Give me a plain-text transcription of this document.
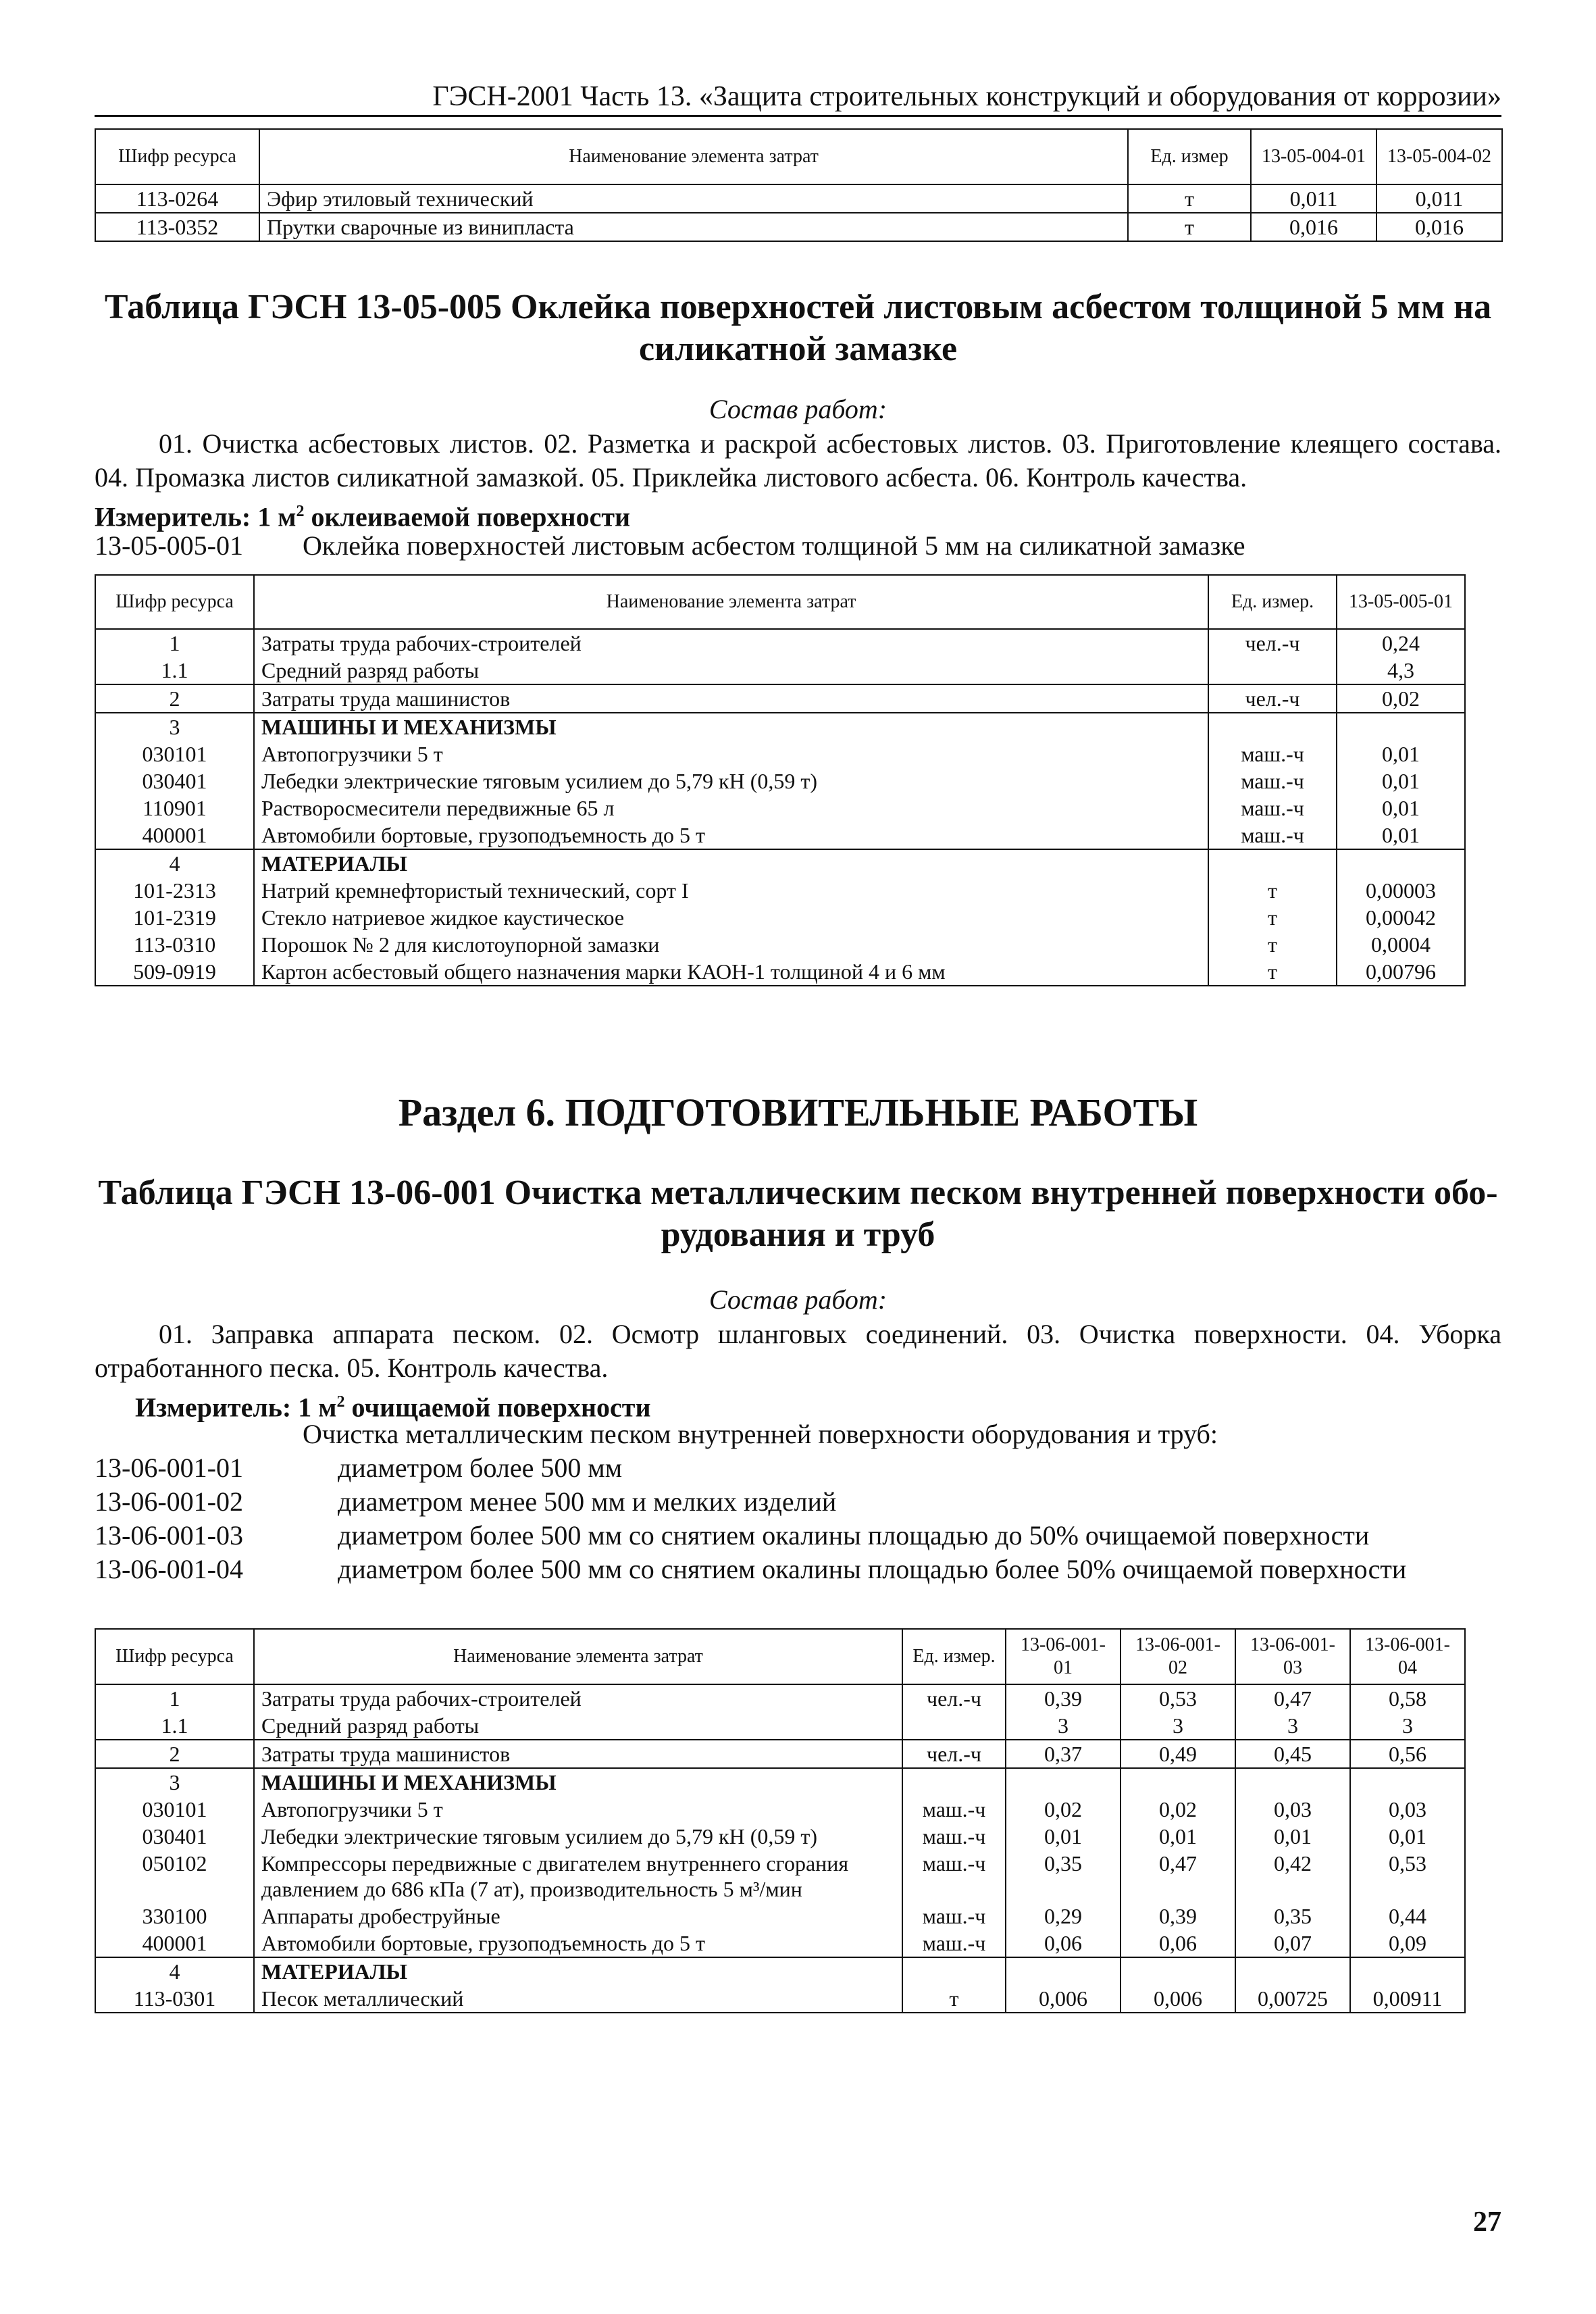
ГЭСН-2001 Часть 13. «Защита строительных конструкций и оборудования от коррозии»
Шифр ресурса	Наименование элемента затрат	Ед. измер	13-05-004-01	13-05-004-02
113-0264	Эфир этиловый технический	т	0,011	0,011
113-0352	Прутки сварочные из винипласта	т	0,016	0,016
Таблица ГЭСН 13-05-005 Оклейка поверхностей листовым асбестом толщиной 5 мм на
силикатной замазке
Состав работ:
01. Очистка асбестовых листов. 02. Разметка и раскрой асбестовых листов. 03. Приготовление клеящего состава. 04. Промазка листов силикатной замазкой. 05. Приклейка листового асбеста. 06. Контроль качества.
Измеритель: 1 $м^2$ оклеиваемой поверхности
13-05-005-01 Оклейка поверхностей листовым асбестом толщиной 5 мм на силикатной замазке
Шифр ресурса	Наименование элемента затрат	Ед. измер.	13-05-005-01
1	Затраты труда рабочих-строителей	чел.-ч	0,24
1.1	Средний разряд работы		4,3
2	Затраты труда машинистов	чел.-ч	0,02
3	МАШИНЫ И МЕХАНИЗМЫ		
030101	Автопогрузчики 5 т	маш.-ч	0,01
030401	Лебедки электрические тяговым усилием до 5,79 кН (0,59 т)	маш.-ч	0,01
110901	Растворосмесители передвижные 65 л	маш.-ч	0,01
400001	Автомобили бортовые, грузоподъемность до 5 т	маш.-ч	0,01
4	МАТЕРИАЛЫ		
101-2313	Натрий кремнефтористый технический, сорт I	т	0,00003
101-2319	Стекло натриевое жидкое каустическое	т	0,00042
113-0310	Порошок № 2 для кислотоупорной замазки	т	0,0004
509-0919	Картон асбестовый общего назначения марки КАОН-1 толщиной 4 и 6 мм	т	0,00796
Раздел 6. ПОДГОТОВИТЕЛЬНЫЕ РАБОТЫ
Таблица ГЭСН 13-06-001 Очистка металлическим песком внутренней поверхности обо-
рудования и труб
Состав работ:
01. Заправка аппарата песком. 02. Осмотр шланговых соединений. 03. Очистка поверхности. 04. Уборка отработанного песка. 05. Контроль качества.
Измеритель: 1 $м^2$ очищаемой поверхности
Очистка металлическим песком внутренней поверхности оборудования и труб:
13-06-001-01	диаметром более 500 мм
13-06-001-02	диаметром менее 500 мм и мелких изделий
13-06-001-03	диаметром более 500 мм со снятием окалины площадью до 50% очищаемой поверхности
13-06-001-04	диаметром более 500 мм со снятием окалины площадью более 50% очищаемой поверхности
Шифр ресурса	Наименование элемента затрат	Ед. измер.	13-06-001-01	13-06-001-02	13-06-001-03	13-06-001-04
1	Затраты труда рабочих-строителей	чел.-ч	0,39	0,53	0,47	0,58
1.1	Средний разряд работы		3	3	3	3
2	Затраты труда машинистов	чел.-ч	0,37	0,49	0,45	0,56
3	МАШИНЫ И МЕХАНИЗМЫ					
030101	Автопогрузчики 5 т	маш.-ч	0,02	0,02	0,03	0,03
030401	Лебедки электрические тяговым усилием до 5,79 кН (0,59 т)	маш.-ч	0,01	0,01	0,01	0,01
050102	Компрессоры передвижные с двигателем внутреннего сгорания давлением до 686 кПа (7 ат), производительность 5 м³/мин	маш.-ч	0,35	0,47	0,42	0,53
330100	Аппараты дробеструйные	маш.-ч	0,29	0,39	0,35	0,44
400001	Автомобили бортовые, грузоподъемность до 5 т	маш.-ч	0,06	0,06	0,07	0,09
4	МАТЕРИАЛЫ					
113-0301	Песок металлический	т	0,006	0,006	0,00725	0,00911
27
